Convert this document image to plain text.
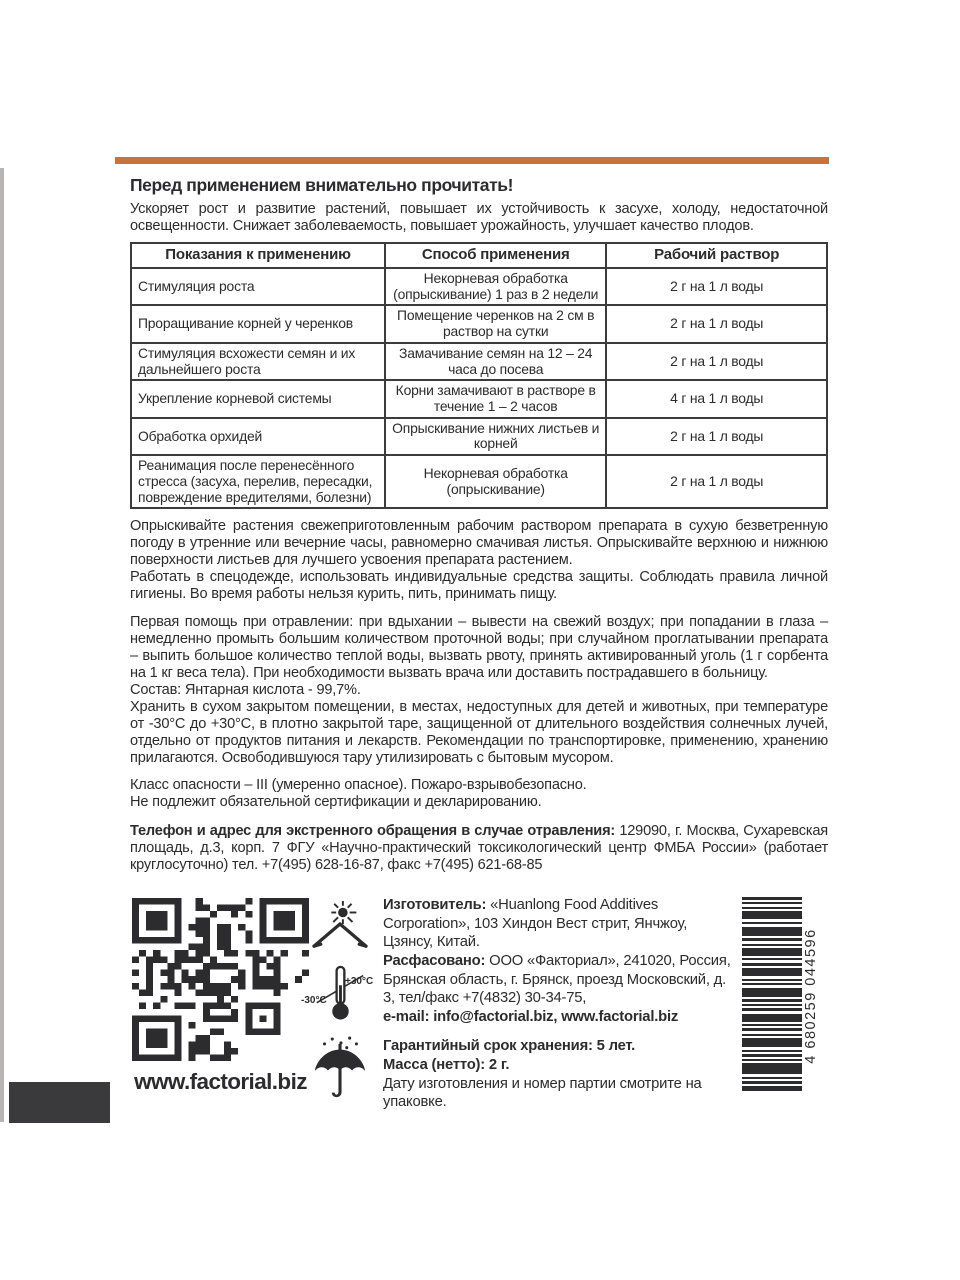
Перед применением внимательно прочитать!

Ускоряет рост и развитие растений, повышает их устойчивость к засухе, холоду, недостаточной освещенности. Снижает заболеваемость, повышает урожайность, улучшает качество плодов.

Показания к применению	Способ применения	Рабочий раствор
Стимуляция роста	Некорневая обработка (опрыскивание) 1 раз в 2 недели	2 г на 1 л воды
Проращивание корней у черенков	Помещение черенков на 2 см в раствор на сутки	2 г на 1 л воды
Стимуляция всхожести семян и их дальнейшего роста	Замачивание семян на 12 – 24 часа до посева	2 г на 1 л воды
Укрепление корневой системы	Корни замачивают в растворе в течение 1 – 2 часов	4 г на 1 л воды
Обработка орхидей	Опрыскивание нижних листьев и корней	2 г на 1 л воды
Реанимация после перенесённого стресса (засуха, перелив, пересадки, повреждение вредителями, болезни)	Некорневая обработка (опрыскивание)	2 г на 1 л воды

Опрыскивайте растения свежеприготовленным рабочим раствором препарата в сухую безветренную погоду в утренние или вечерние часы, равномерно смачивая листья. Опрыскивайте верхнюю и нижнюю поверхности листьев для лучшего усвоения препарата растением.

Работать в спецодежде, использовать индивидуальные средства защиты. Соблюдать правила личной гигиены. Во время работы нельзя курить, пить, принимать пищу.

Первая помощь при отравлении: при вдыхании – вывести на свежий воздух; при попадании в глаза – немедленно промыть большим количеством проточной воды; при случайном проглатывании препарата – выпить большое количество теплой воды, вызвать рвоту, принять активированный уголь (1 г сорбента на 1 кг веса тела). При необходимости вызвать врача или доставить пострадавшего в больницу.

Состав: Янтарная кислота - 99,7%.

Хранить в сухом закрытом помещении, в местах, недоступных для детей и животных, при температуре от -30°С до +30°С, в плотно закрытой таре, защищенной от длительного воздействия солнечных лучей, отдельно от продуктов питания и лекарств. Рекомендации по транспортировке, применению, хранению прилагаются. Освободившуюся тару утилизировать с бытовым мусором.

Класс опасности – III (умеренно опасное). Пожаро-взрывобезопасно.

Не подлежит обязательной сертификации и декларированию.

Телефон и адрес для экстренного обращения в случае отравления: 129090, г. Москва, Сухаревская площадь, д.3, корп. 7 ФГУ «Научно-практический токсикологический центр ФМБА России» (работает круглосуточно) тел. +7(495) 628-16-87, факс +7(495) 621-68-85

www.factorial.biz
-30°C
+30°C

Изготовитель: «Huanlong Food Additives Corporation», 103 Хиндон Вест стрит, Янчжоу, Цзянсу, Китай.
Расфасовано: ООО «Факториал», 241020, Россия, Брянская область, г. Брянск, проезд Московский, д. 3, тел/факс +7(4832) 30-34-75,
e-mail: info@factorial.biz, www.factorial.biz

Гарантийный срок хранения: 5 лет.
Масса (нетто): 2 г.
Дату изготовления и номер партии смотрите на упаковке.

4 680259 044596
